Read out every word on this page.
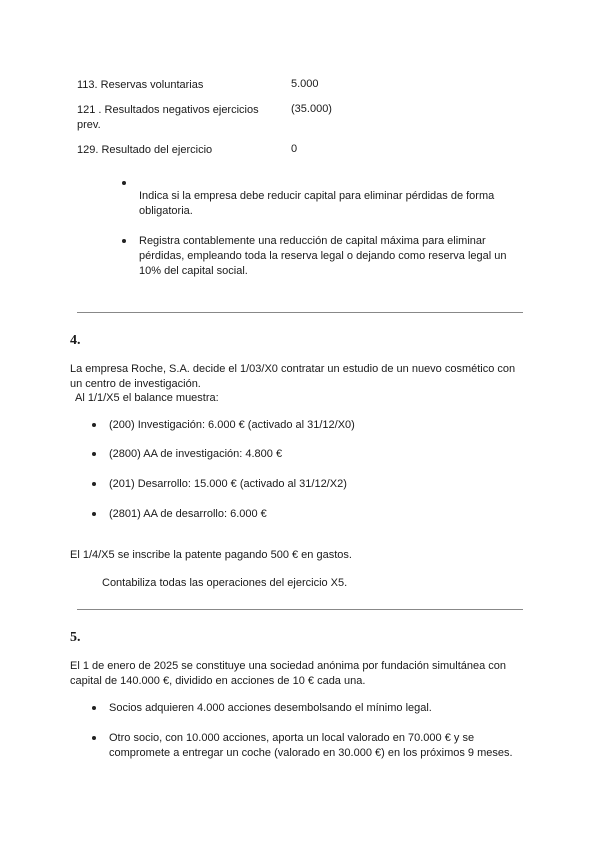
113. Reservas voluntarias	5.000
121 . Resultados negativos ejercicios prev.
(35.000)
129. Resultado del ejercicio	0
Indica si la empresa debe reducir capital para eliminar pérdidas de forma obligatoria.
Registra contablemente una reducción de capital máxima para eliminar pérdidas, empleando toda la reserva legal o dejando como reserva legal un 10% del capital social.
4.
La empresa Roche, S.A. decide el 1/03/X0 contratar un estudio de un nuevo cosmético con un centro de investigación.
Al 1/1/X5 el balance muestra:
(200) Investigación: 6.000 € (activado al 31/12/X0)
(2800) AA de investigación: 4.800 €
(201) Desarrollo: 15.000 € (activado al 31/12/X2)
(2801) AA de desarrollo: 6.000 €
El 1/4/X5 se inscribe la patente pagando 500 € en gastos.
Contabiliza todas las operaciones del ejercicio X5.
5.
El 1 de enero de 2025 se constituye una sociedad anónima por fundación simultánea con capital de 140.000 €, dividido en acciones de 10 € cada una.
Socios adquieren 4.000 acciones desembolsando el mínimo legal.
Otro socio, con 10.000 acciones, aporta un local valorado en 70.000 € y se compromete a entregar un coche (valorado en 30.000 €) en los próximos 9 meses.
